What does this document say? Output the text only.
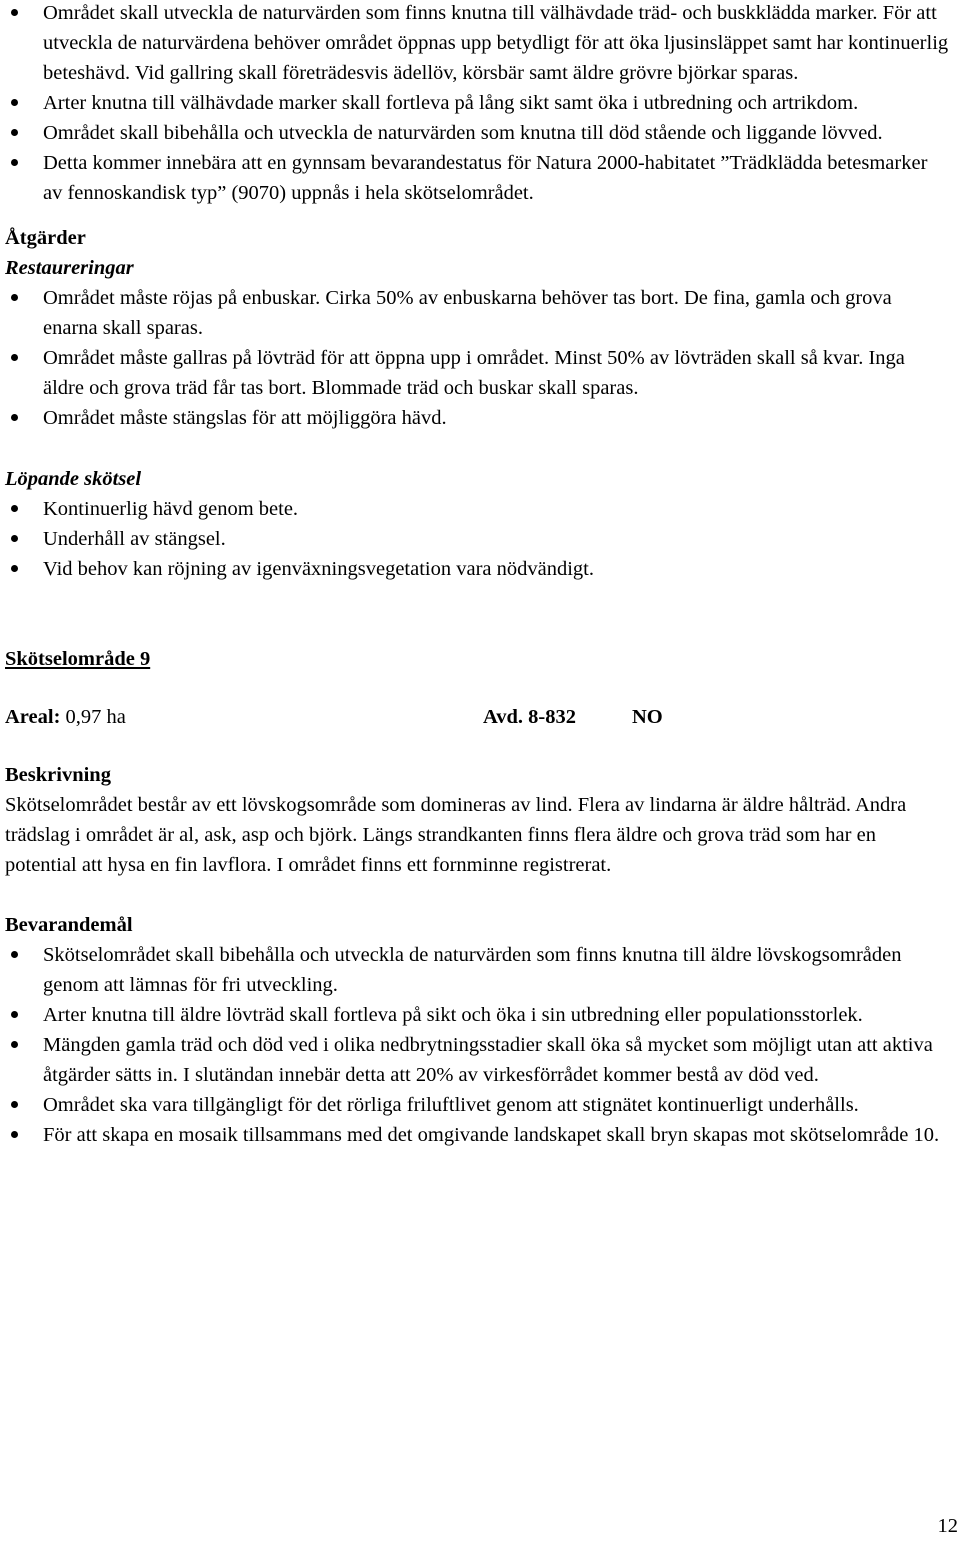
Området skall utveckla de naturvärden som finns knutna till välhävdade träd- och buskklädda marker. För att utveckla de naturvärdena behöver området öppnas upp betydligt för att öka ljusinsläppet samt har kontinuerlig beteshävd. Vid gallring skall företrädesvis ädellöv, körsbär samt äldre grövre björkar sparas.
Arter knutna till välhävdade marker skall fortleva på lång sikt samt öka i utbredning och artrikdom.
Området skall bibehålla och utveckla de naturvärden som knutna till död stående och liggande lövved.
Detta kommer innebära att en gynnsam bevarandestatus för Natura 2000-habitatet ”Trädklädda betesmarker av fennoskandisk typ” (9070) uppnås i hela skötselområdet.
Åtgärder
Restaureringar
Området måste röjas på enbuskar. Cirka 50% av enbuskarna behöver tas bort. De fina, gamla och grova enarna skall sparas.
Området måste gallras på lövträd för att öppna upp i området. Minst 50% av lövträden skall så kvar. Inga äldre och grova träd får tas bort. Blommade träd och buskar skall sparas.
Området måste stängslas för att möjliggöra hävd.
Löpande skötsel
Kontinuerlig hävd genom bete.
Underhåll av stängsel.
Vid behov kan röjning av igenväxningsvegetation vara nödvändigt.
Skötselområde 9
Areal: 0,97 ha	Avd. 8-832	NO
Beskrivning
Skötselområdet består av ett lövskogsområde som domineras av lind. Flera av lindarna är äldre hålträd. Andra trädslag i området är al, ask, asp och björk. Längs strandkanten finns flera äldre och grova träd som har en potential att hysa en fin lavflora. I området finns ett fornminne registrerat.
Bevarandemål
Skötselområdet skall bibehålla och utveckla de naturvärden som finns knutna till äldre lövskogsområden genom att lämnas för fri utveckling.
Arter knutna till äldre lövträd skall fortleva på sikt och öka i sin utbredning eller populationsstorlek.
Mängden gamla träd och död ved i olika nedbrytningsstadier skall öka så mycket som möjligt utan att aktiva åtgärder sätts in. I slutändan innebär detta att 20% av virkesförrådet kommer bestå av död ved.
Området ska vara tillgängligt för det rörliga friluftlivet genom att stignätet kontinuerligt underhålls.
För att skapa en mosaik tillsammans med det omgivande landskapet skall bryn skapas mot skötselområde 10.
12
